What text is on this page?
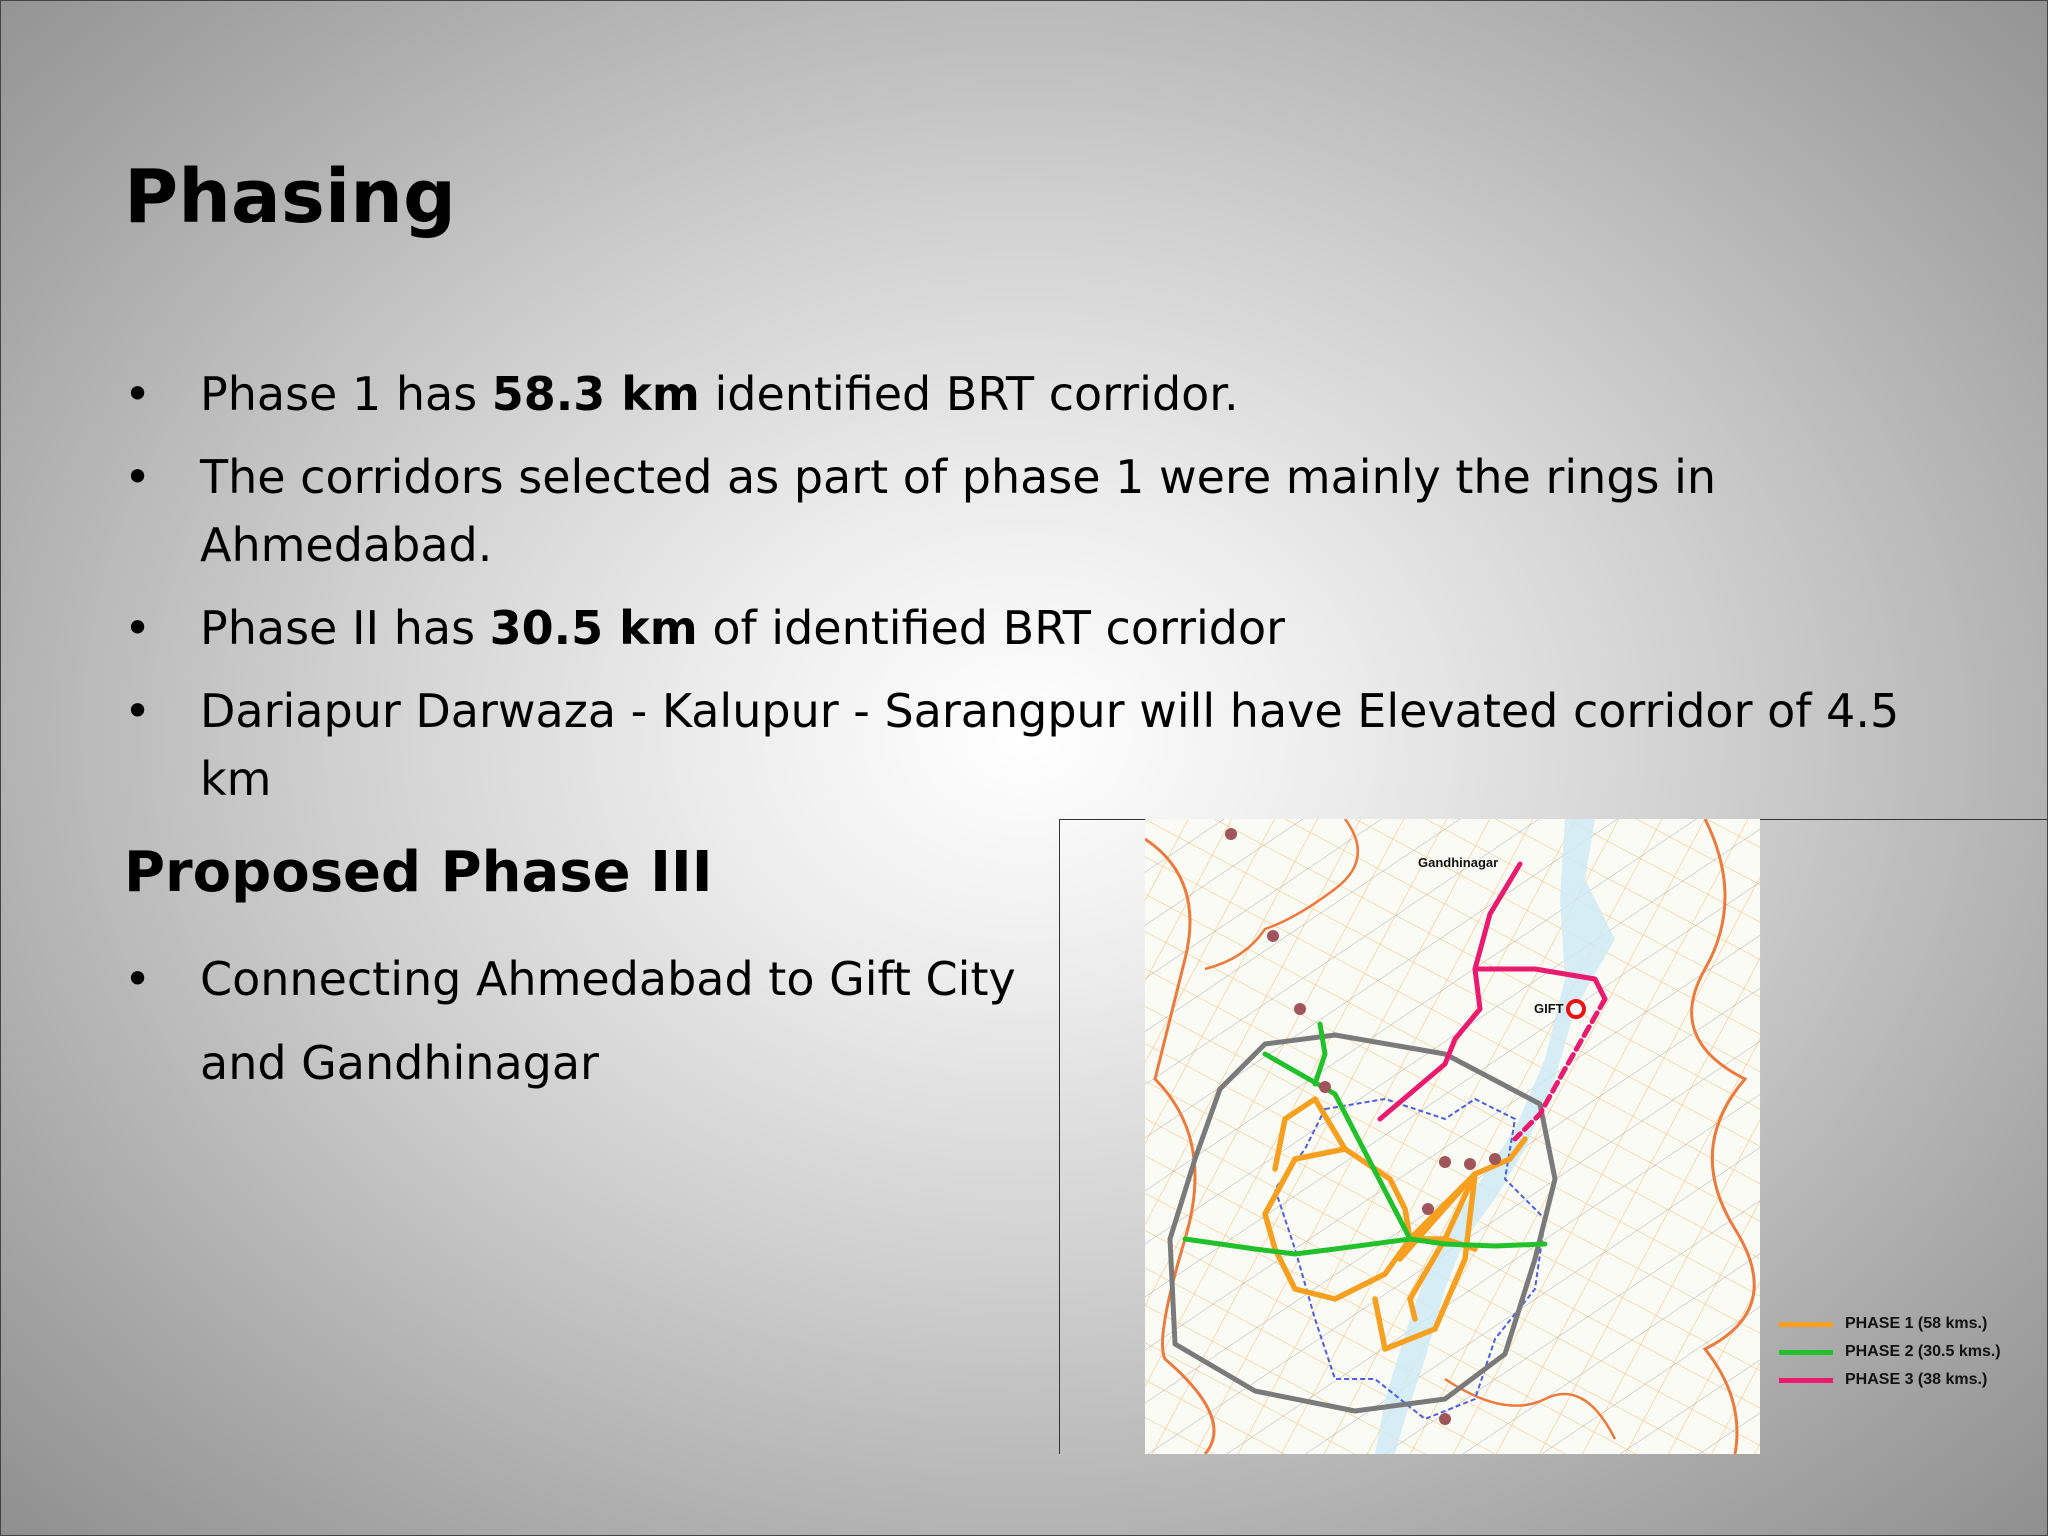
Phasing
• Phase 1 has 58.3 km identified BRT corridor.
• The corridors selected as part of phase 1 were mainly the rings in Ahmedabad.
• Phase II has 30.5 km of identified BRT corridor
• Dariapur Darwaza - Kalupur - Sarangpur will have Elevated corridor of 4.5 km
Proposed Phase III
• Connecting Ahmedabad to Gift City
and Gandhinagar
Gandhinagar
GIFT
PHASE 1 (58 kms.)
PHASE 2 (30.5 kms.)
PHASE 3 (38 kms.)
